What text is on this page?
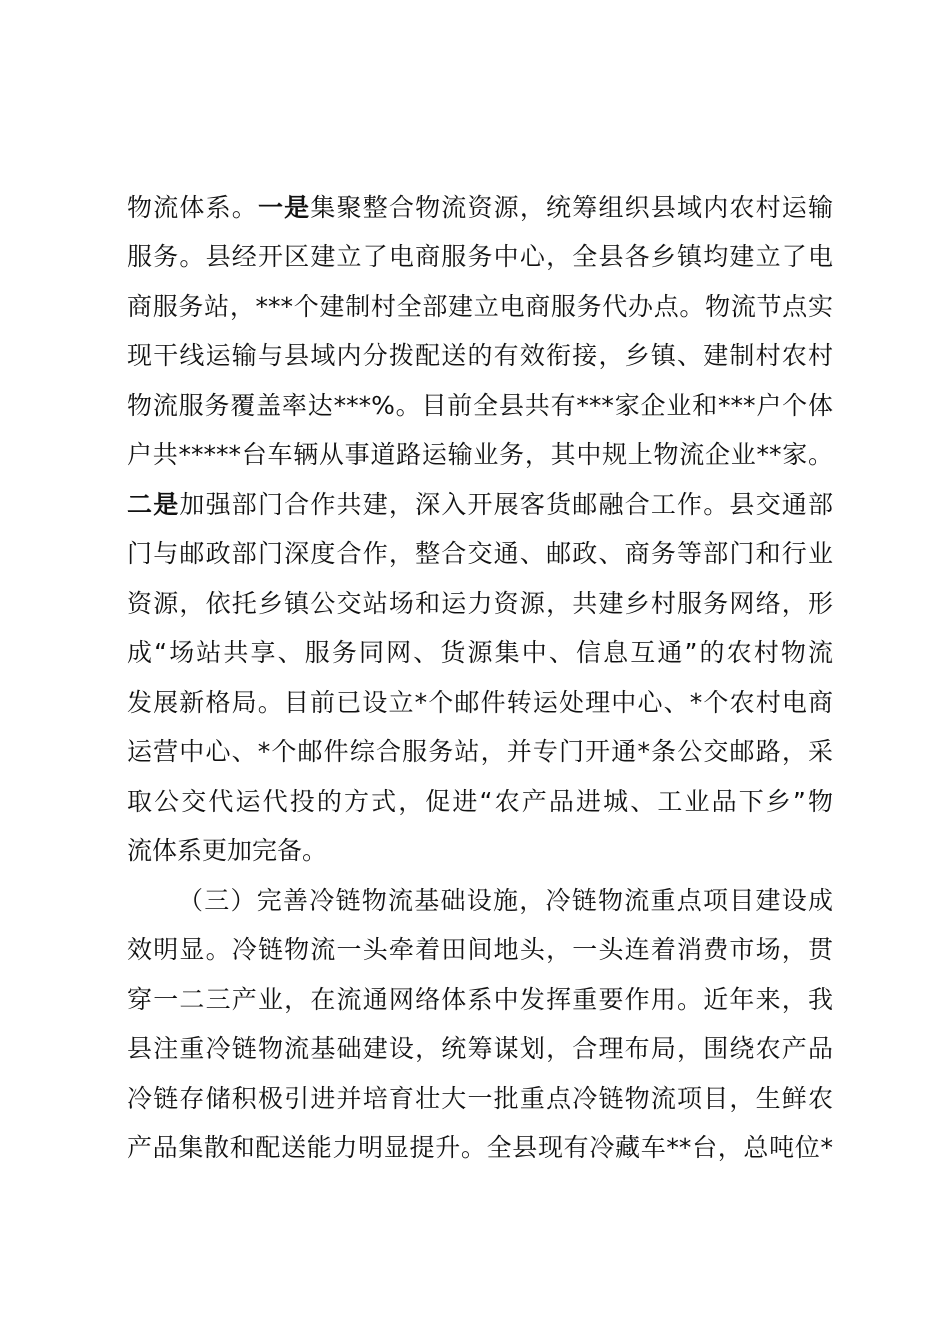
物流体系。一是集聚整合物流资源，统筹组织县域内农村运输
服务。县经开区建立了电商服务中心，全县各乡镇均建立了电
商服务站，***个建制村全部建立电商服务代办点。物流节点实
现干线运输与县域内分拨配送的有效衔接，乡镇、建制村农村
物流服务覆盖率达***%。目前全县共有***家企业和***户个体
户共*****台车辆从事道路运输业务，其中规上物流企业**家。
二是加强部门合作共建，深入开展客货邮融合工作。县交通部
门与邮政部门深度合作，整合交通、邮政、商务等部门和行业
资源，依托乡镇公交站场和运力资源，共建乡村服务网络，形
成“场站共享、服务同网、货源集中、信息互通”的农村物流
发展新格局。目前已设立*个邮件转运处理中心、*个农村电商
运营中心、*个邮件综合服务站，并专门开通*条公交邮路，采
取公交代运代投的方式，促进“农产品进城、工业品下乡”物
流体系更加完备。
（三）完善冷链物流基础设施，冷链物流重点项目建设成
效明显。冷链物流一头牵着田间地头，一头连着消费市场，贯
穿一二三产业，在流通网络体系中发挥重要作用。近年来，我
县注重冷链物流基础建设，统筹谋划，合理布局，围绕农产品
冷链存储积极引进并培育壮大一批重点冷链物流项目，生鲜农
产品集散和配送能力明显提升。全县现有冷藏车**台，总吨位*
